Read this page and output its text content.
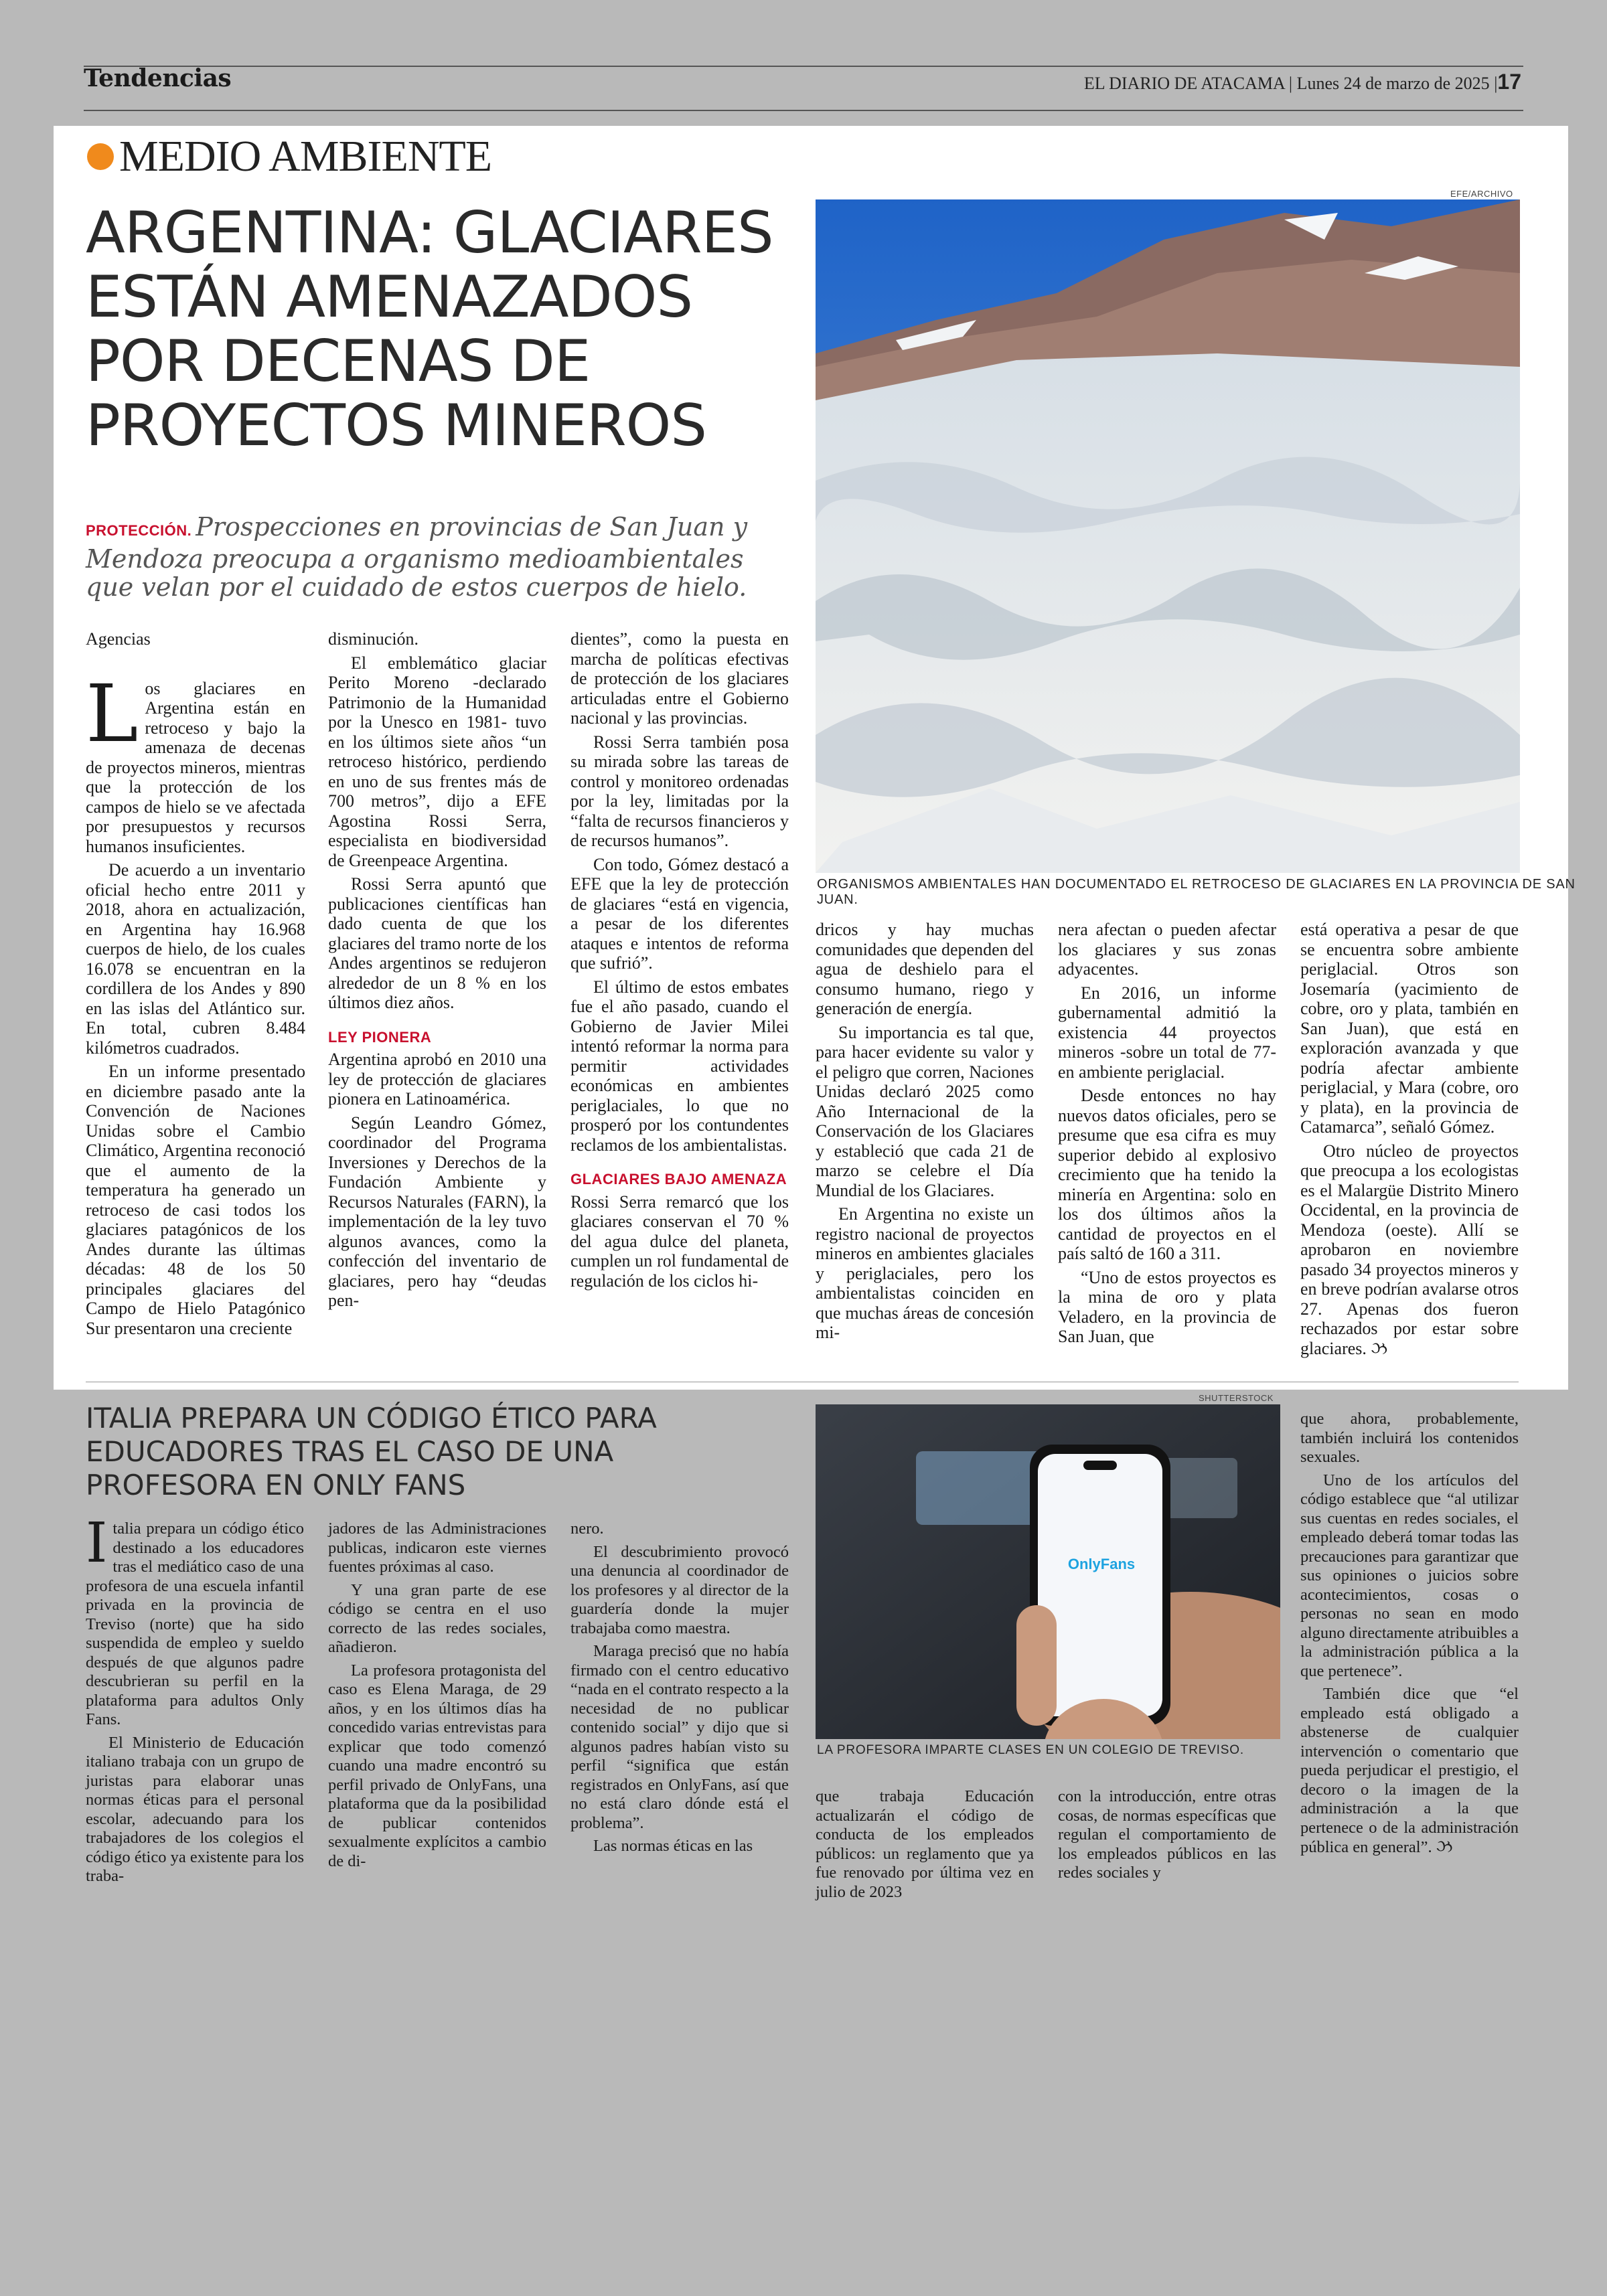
Tendencias	EL DIARIO DE ATACAMA | Lunes 24 de marzo de 2025 |17
MEDIO AMBIENTE
ARGENTINA: GLACIARES ESTÁN AMENAZADOS POR DECENAS DE PROYECTOS MINEROS
PROTECCIÓN. Prospecciones en provincias de San Juan y Mendoza preocupa a organismo medioambientales que velan por el cuidado de estos cuerpos de hielo.
EFE/ARCHIVO
ORGANISMOS AMBIENTALES HAN DOCUMENTADO EL RETROCESO DE GLACIARES EN LA PROVINCIA DE SAN JUAN.
Agencias

Los glaciares en Argentina están en retroceso y bajo la amenaza de decenas de proyectos mineros, mientras que la protección de los campos de hielo se ve afectada por presupuestos y recursos humanos insuficientes.

De acuerdo a un inventario oficial hecho entre 2011 y 2018, ahora en actualización, en Argentina hay 16.968 cuerpos de hielo, de los cuales 16.078 se encuentran en la cordillera de los Andes y 890 en las islas del Atlántico sur. En total, cubren 8.484 kilómetros cuadrados.

En un informe presentado en diciembre pasado ante la Convención de Naciones Unidas sobre el Cambio Climático, Argentina reconoció que el aumento de la temperatura ha generado un retroceso de casi todos los glaciares patagónicos de los Andes durante las últimas décadas: 48 de los 50 principales glaciares del Campo de Hielo Patagónico Sur presentaron una creciente

disminución.

El emblemático glaciar Perito Moreno -declarado Patrimonio de la Humanidad por la Unesco en 1981- tuvo en los últimos siete años “un retroceso histórico, perdiendo en uno de sus frentes más de 700 metros”, dijo a EFE Agostina Rossi Serra, especialista en biodiversidad de Greenpeace Argentina.

Rossi Serra apuntó que publicaciones científicas han dado cuenta de que los glaciares del tramo norte de los Andes argentinos se redujeron alrededor de un 8 % en los últimos diez años.

LEY PIONERA

Argentina aprobó en 2010 una ley de protección de glaciares pionera en Latinoamérica.

Según Leandro Gómez, coordinador del Programa Inversiones y Derechos de la Fundación Ambiente y Recursos Naturales (FARN), la implementación de la ley tuvo algunos avances, como la confección del inventario de glaciares, pero hay “deudas pen-

dientes”, como la puesta en marcha de políticas efectivas de protección de los glaciares articuladas entre el Gobierno nacional y las provincias.

Rossi Serra también posa su mirada sobre las tareas de control y monitoreo ordenadas por la ley, limitadas por la “falta de recursos financieros y de recursos humanos”.

Con todo, Gómez destacó a EFE que la ley de protección de glaciares “está en vigencia, a pesar de los diferentes ataques e intentos de reforma que sufrió”.

El último de estos embates fue el año pasado, cuando el Gobierno de Javier Milei intentó reformar la norma para permitir actividades económicas en ambientes periglaciales, lo que no prosperó por los contundentes reclamos de los ambientalistas.

GLACIARES BAJO AMENAZA

Rossi Serra remarcó que los glaciares conservan el 70 % del agua dulce del planeta, cumplen un rol fundamental de regulación de los ciclos hi-

dricos y hay muchas comunidades que dependen del agua de deshielo para el consumo humano, riego y generación de energía.

Su importancia es tal que, para hacer evidente su valor y el peligro que corren, Naciones Unidas declaró 2025 como Año Internacional de la Conservación de los Glaciares y estableció que cada 21 de marzo se celebre el Día Mundial de los Glaciares.

En Argentina no existe un registro nacional de proyectos mineros en ambientes glaciales y periglaciales, pero los ambientalistas coinciden en que muchas áreas de concesión mi-

nera afectan o pueden afectar los glaciares y sus zonas adyacentes.

En 2016, un informe gubernamental admitió la existencia 44 proyectos mineros -sobre un total de 77- en ambiente periglacial.

Desde entonces no hay nuevos datos oficiales, pero se presume que esa cifra es muy superior debido al explosivo crecimiento que ha tenido la minería en Argentina: solo en los dos últimos años la cantidad de proyectos en el país saltó de 160 a 311.

“Uno de estos proyectos es la mina de oro y plata Veladero, en la provincia de San Juan, que

está operativa a pesar de que se encuentra sobre ambiente periglacial. Otros son Josemaría (yacimiento de cobre, oro y plata, también en San Juan), que está en exploración avanzada y que podría afectar ambiente periglacial, y Mara (cobre, oro y plata), en la provincia de Catamarca”, señaló Gómez.

Otro núcleo de proyectos que preocupa a los ecologistas es el Malargüe Distrito Minero Occidental, en la provincia de Mendoza (oeste). Allí se aprobaron en noviembre pasado 34 proyectos mineros y en breve podrían avalarse otros 27. Apenas dos fueron rechazados por estar sobre glaciares. ઝ

ITALIA PREPARA UN CÓDIGO ÉTICO PARA EDUCADORES TRAS EL CASO DE UNA PROFESORA EN ONLY FANS
SHUTTERSTOCK
OnlyFans
LA PROFESORA IMPARTE CLASES EN UN COLEGIO DE TREVISO.

Italia prepara un código ético destinado a los educadores tras el mediático caso de una profesora de una escuela infantil privada en la provincia de Treviso (norte) que ha sido suspendida de empleo y sueldo después de que algunos padre descubrieran su perfil en la plataforma para adultos Only Fans.

El Ministerio de Educación italiano trabaja con un grupo de juristas para elaborar unas normas éticas para el personal escolar, adecuando para los trabajadores de los colegios el código ético ya existente para los traba-

jadores de las Administraciones publicas, indicaron este viernes fuentes próximas al caso.

Y una gran parte de ese código se centra en el uso correcto de las redes sociales, añadieron.

La profesora protagonista del caso es Elena Maraga, de 29 años, y en los últimos días ha concedido varias entrevistas para explicar que todo comenzó cuando una madre encontró su perfil privado de OnlyFans, una plataforma que da la posibilidad de publicar contenidos sexualmente explícitos a cambio de di-

nero.

El descubrimiento provocó una denuncia al coordinador de los profesores y al director de la guardería donde la mujer trabajaba como maestra.

Maraga precisó que no había firmado con el centro educativo “nada en el contrato respecto a la necesidad de no publicar contenido social” y dijo que si algunos padres habían visto su perfil “significa que están registrados en OnlyFans, así que no está claro dónde está el problema”.

Las normas éticas en las

que trabaja Educación actualizarán el código de conducta de los empleados públicos: un reglamento que ya fue renovado por última vez en julio de 2023

con la introducción, entre otras cosas, de normas específicas que regulan el comportamiento de los empleados públicos en las redes sociales y

que ahora, probablemente, también incluirá los contenidos sexuales.

Uno de los artículos del código establece que “al utilizar sus cuentas en redes sociales, el empleado deberá tomar todas las precauciones para garantizar que sus opiniones o juicios sobre acontecimientos, cosas o personas no sean en modo alguno directamente atribuibles a la administración pública a la que pertenece”.

También dice que “el empleado está obligado a abstenerse de cualquier intervención o comentario que pueda perjudicar el prestigio, el decoro o la imagen de la administración a la que pertenece o de la administración pública en general”. ઝ
